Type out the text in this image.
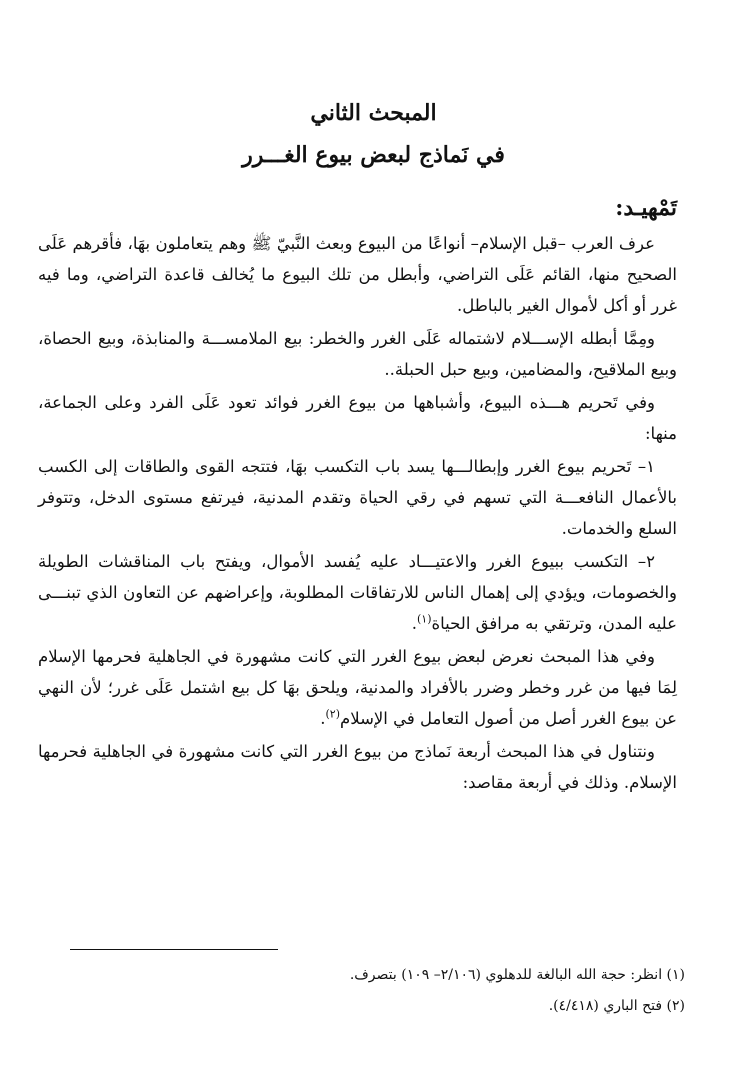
المبحث الثاني
في نَماذج لبعض بيوع الغـــرر
تَمْهيـد:

عرف العرب –قبل الإسلام– أنواعًا من البيوع وبعث النَّبيّ ﷺ وهم يتعاملون بهَا، فأقرهم عَلَى الصحيح منها، القائم عَلَى التراضي، وأبطل من تلك البيوع ما يُخالف قاعدة التراضي، وما فيه غرر أو أكل لأموال الغير بالباطل.

ومِمَّا أبطله الإســـلام لاشتماله عَلَى الغرر والخطر: بيع الملامســـة والمنابذة، وبيع الحصاة، وبيع الملاقيح، والمضامين، وبيع حبل الحبلة..

وفي تَحريم هـــذه البيوع، وأشباهها من بيوع الغرر فوائد تعود عَلَى الفرد وعلى الجماعة، منها:

١– تَحريم بيوع الغرر وإبطالـــها يسد باب التكسب بهَا، فتتجه القوى والطاقات إلى الكسب بالأعمال النافعـــة التي تسهم في رقي الحياة وتقدم المدنية، فيرتفع مستوى الدخل، وتتوفر السلع والخدمات.

٢– التكسب ببيوع الغرر والاعتيـــاد عليه يُفسد الأموال، ويفتح باب المناقشات الطويلة والخصومات، ويؤدي إلى إهمال الناس للارتفاقات المطلوبة، وإعراضهم عن التعاون الذي تبنـــى عليه المدن، وترتقي به مرافق الحياة$^{(١)}$.

وفي هذا المبحث نعرض لبعض بيوع الغرر التي كانت مشهورة في الجاهلية فحرمها الإسلام لِمَا فيها من غرر وخطر وضرر بالأفراد والمدنية، ويلحق بهَا كل بيع اشتمل عَلَى غرر؛ لأن النهي عن بيوع الغرر أصل من أصول التعامل في الإسلام$^{(٢)}$.

ونتناول في هذا المبحث أربعة نَماذج من بيوع الغرر التي كانت مشهورة في الجاهلية فحرمها الإسلام. وذلك في أربعة مقاصد:

(١) انظر: حجة الله البالغة للدهلوي (٢/١٠٦– ١٠٩) بتصرف.
(٢) فتح الباري (٤/٤١٨).
